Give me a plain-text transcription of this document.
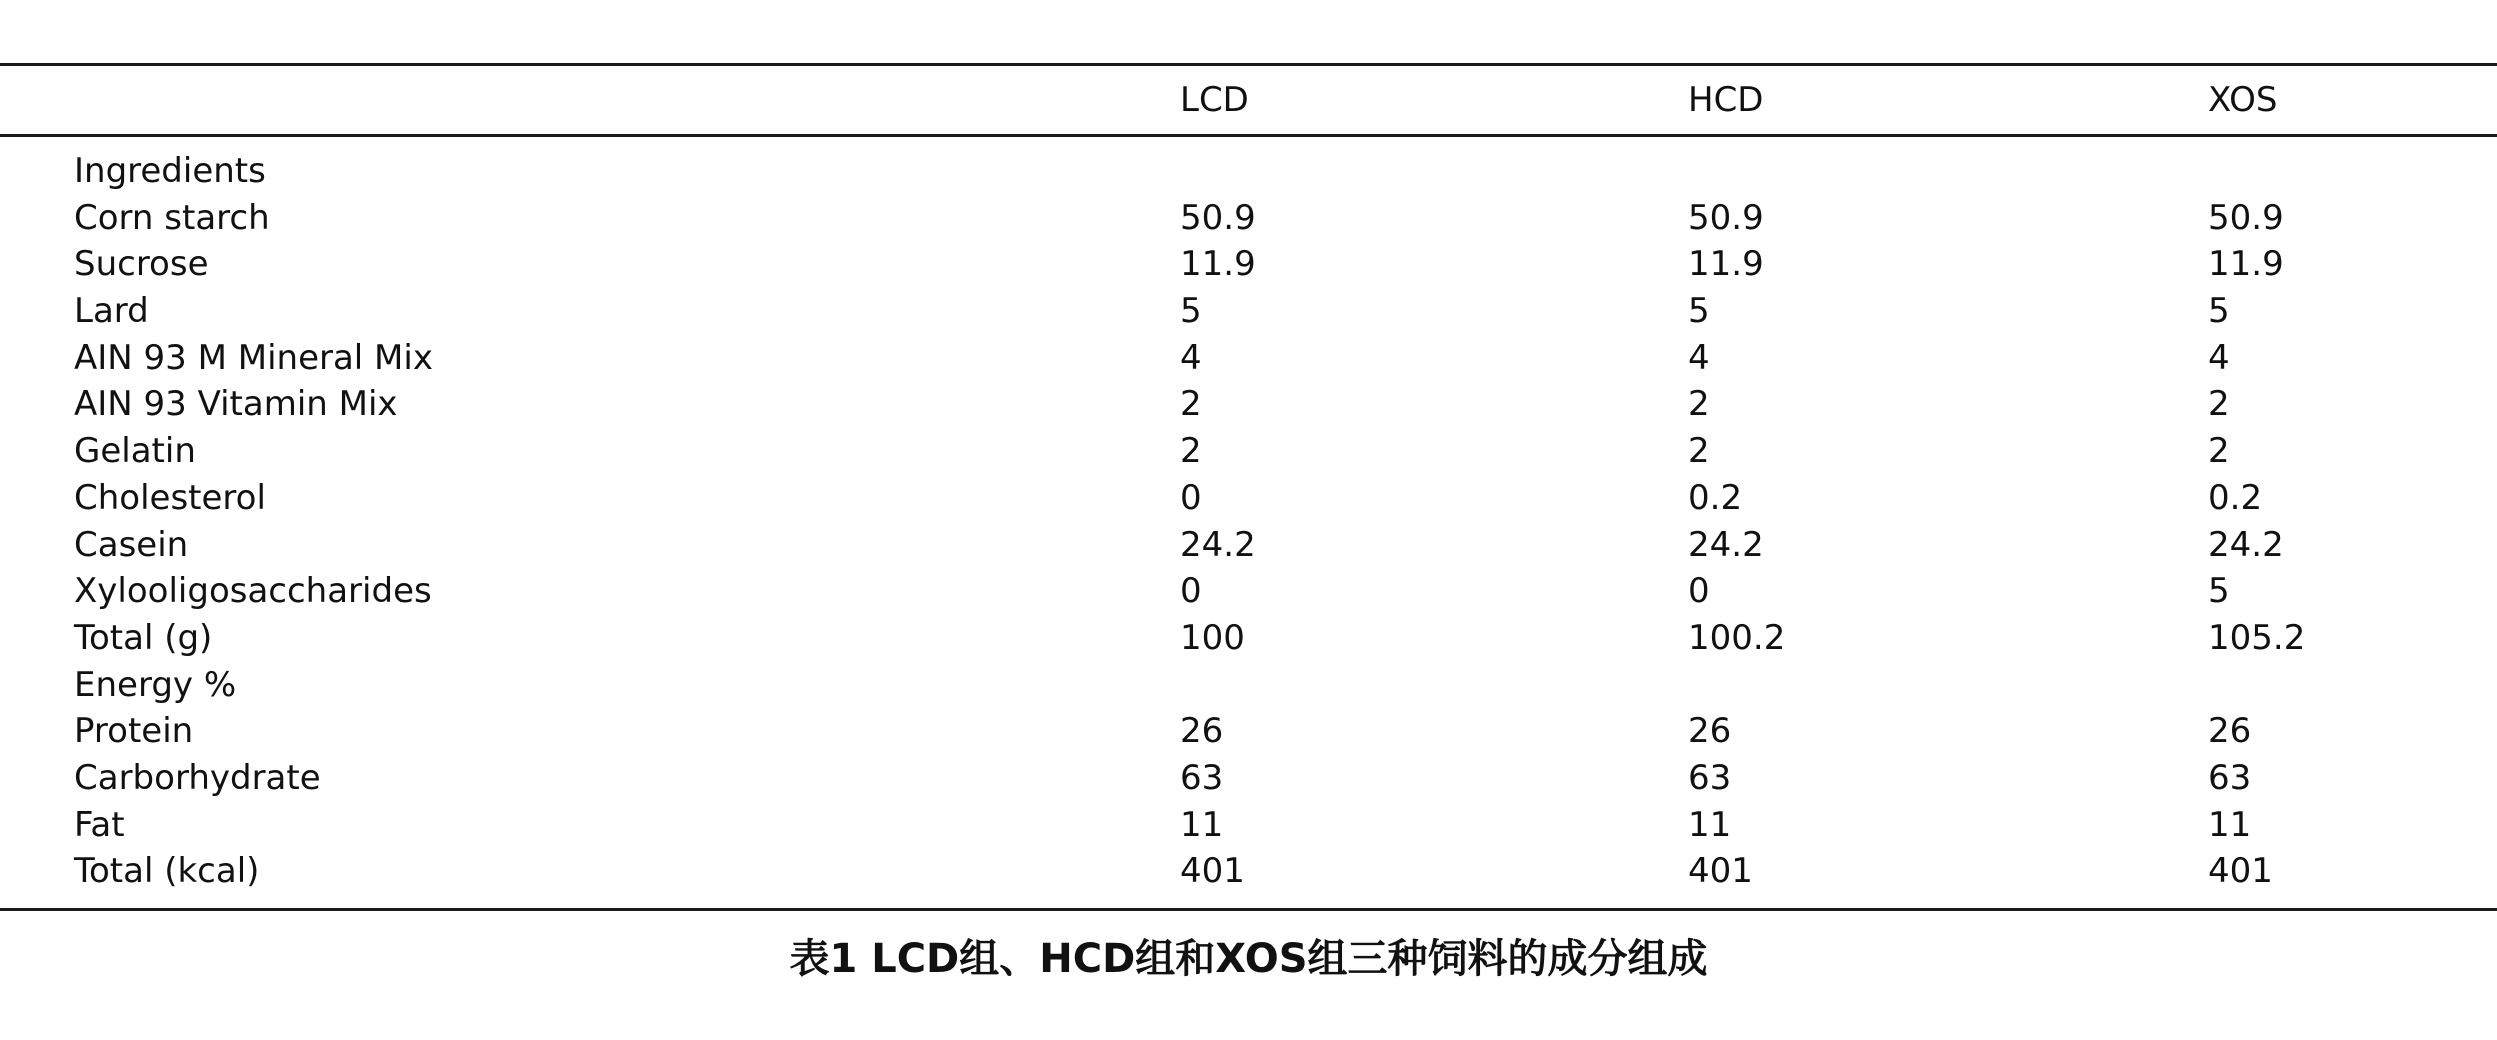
LCD	HCD	XOS
Ingredients
Corn starch	50.9	50.9	50.9
Sucrose	11.9	11.9	11.9
Lard	5	5	5
AIN 93 M Mineral Mix	4	4	4
AIN 93 Vitamin Mix	2	2	2
Gelatin	2	2	2
Cholesterol	0	0.2	0.2
Casein	24.2	24.2	24.2
Xylooligosaccharides	0	0	5
Total (g)	100	100.2	105.2
Energy %
Protein	26	26	26
Carborhydrate	63	63	63
Fat	11	11	11
Total (kcal)	401	401	401
表1 LCD组、HCD组和XOS组三种饲料的成分组成
